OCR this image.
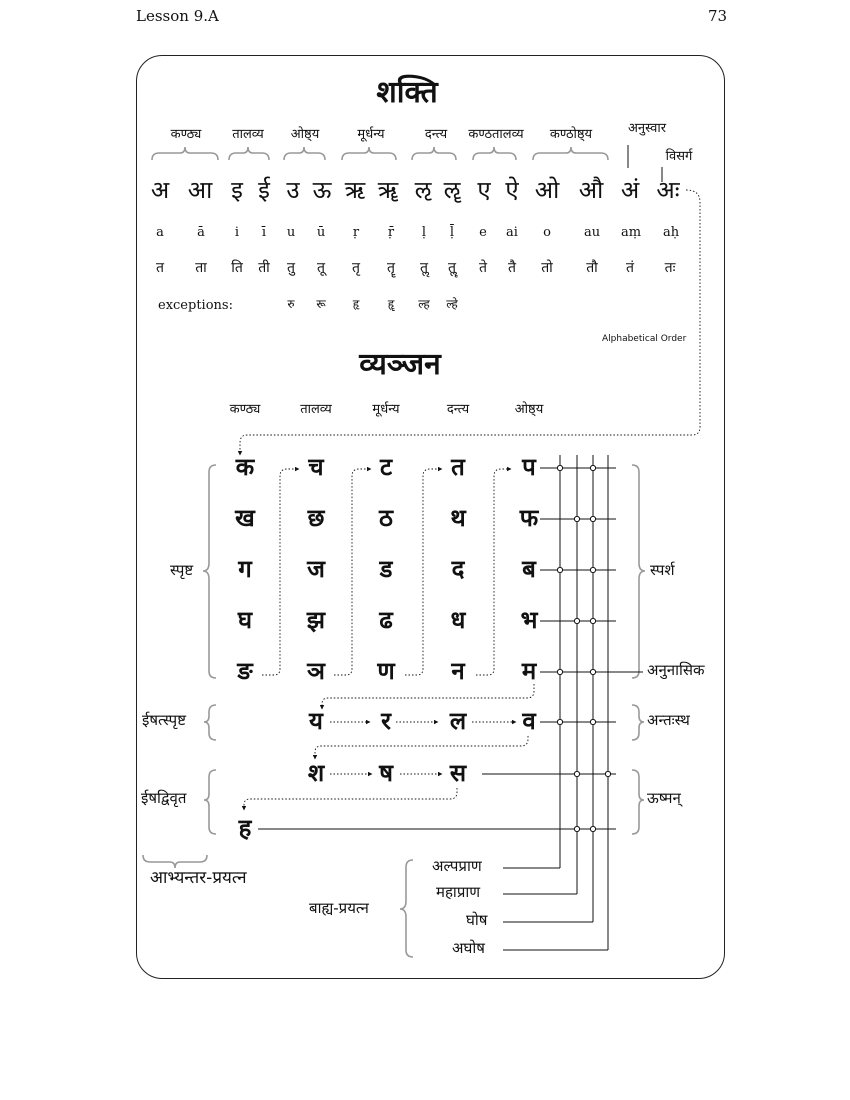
Lesson 9.A	73
शक्ति
कण्ठ्य तालव्य ओष्ठ्य	मूर्धन्य	दन्त्य कण्ठतालव्य कण्ठोष्ठ्य	अनुस्वार
विसर्ग
अ आ इ ई उ ऊ ऋ ॠ ऌ ॡ ए ऐ ओ औ अं अः
a	ā i ī u ū ṛ ṝ ḷ ḹ e ai o	au aṃ aḥ
त ता ति ती तु तू तृ तॄ तॢ तॣ ते तै तो तौ तं तः
exceptions:	रु रू हृ हॄ ल्ह ल्हे
Alphabetical Order
व्यञ्जन
कण्ठ्य	तालव्य	मूर्धन्य	दन्त्य	ओष्ठ्य
क च ट त प
ख छ ठ थ फ
ग ज ड द ब
घ झ ढ ध भ
ङ ञ ण न म
य र ल व
श ष स
ह
स्पृष्ट
ईषत्स्पृष्ट
ईषद्विवृत
स्पर्श
अनुनासिक
अन्तःस्थ
ऊष्मन्
आभ्यन्तर-प्रयत्न
बाह्य-प्रयत्न
अल्पप्राण
महाप्राण
घोष
अघोष
